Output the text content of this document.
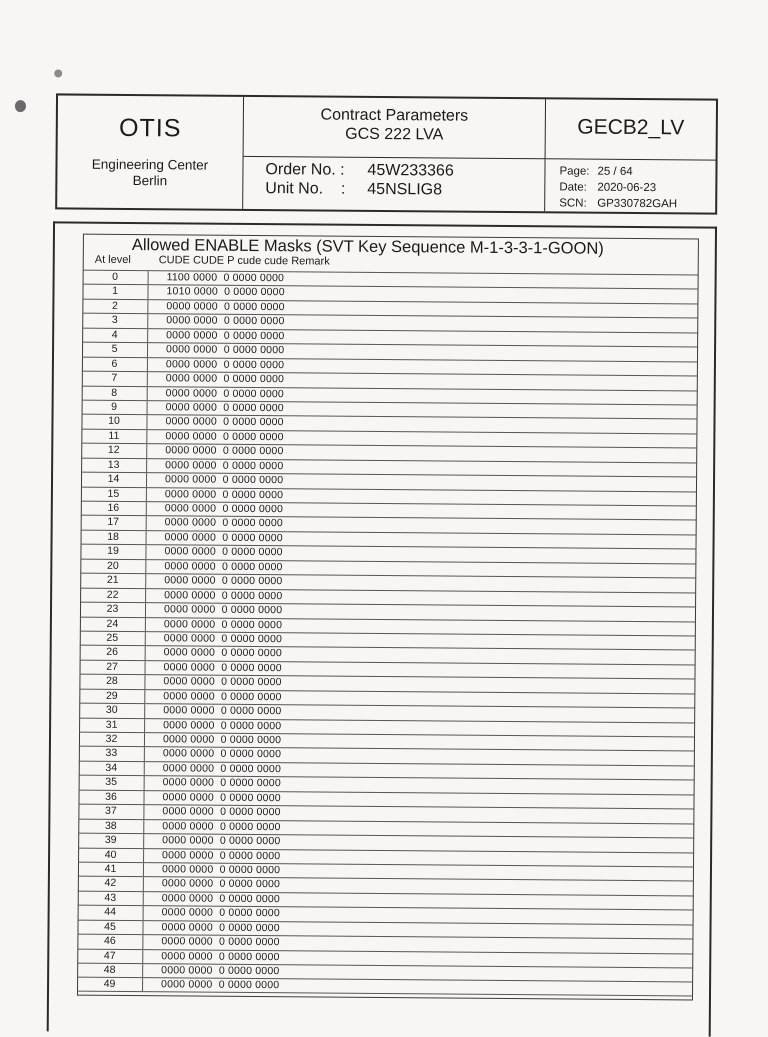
OTIS
Engineering Center
Berlin
Contract Parameters
GCS 222 LVA
Order No. : 45W233366
Unit No.    : 45NSLIG8
GECB2_LV
Page: 25 / 64
Date: 2020-06-23
SCN: GP330782GAH
Allowed ENABLE Masks (SVT Key Sequence M-1-3-3-1-GOON)
At level	CUDE CUDE P cude cude Remark
0	1100 0000  0 0000 0000
1	1010 0000  0 0000 0000
2	0000 0000  0 0000 0000
3	0000 0000  0 0000 0000
4	0000 0000  0 0000 0000
5	0000 0000  0 0000 0000
6	0000 0000  0 0000 0000
7	0000 0000  0 0000 0000
8	0000 0000  0 0000 0000
9	0000 0000  0 0000 0000
10	0000 0000  0 0000 0000
11	0000 0000  0 0000 0000
12	0000 0000  0 0000 0000
13	0000 0000  0 0000 0000
14	0000 0000  0 0000 0000
15	0000 0000  0 0000 0000
16	0000 0000  0 0000 0000
17	0000 0000  0 0000 0000
18	0000 0000  0 0000 0000
19	0000 0000  0 0000 0000
20	0000 0000  0 0000 0000
21	0000 0000  0 0000 0000
22	0000 0000  0 0000 0000
23	0000 0000  0 0000 0000
24	0000 0000  0 0000 0000
25	0000 0000  0 0000 0000
26	0000 0000  0 0000 0000
27	0000 0000  0 0000 0000
28	0000 0000  0 0000 0000
29	0000 0000  0 0000 0000
30	0000 0000  0 0000 0000
31	0000 0000  0 0000 0000
32	0000 0000  0 0000 0000
33	0000 0000  0 0000 0000
34	0000 0000  0 0000 0000
35	0000 0000  0 0000 0000
36	0000 0000  0 0000 0000
37	0000 0000  0 0000 0000
38	0000 0000  0 0000 0000
39	0000 0000  0 0000 0000
40	0000 0000  0 0000 0000
41	0000 0000  0 0000 0000
42	0000 0000  0 0000 0000
43	0000 0000  0 0000 0000
44	0000 0000  0 0000 0000
45	0000 0000  0 0000 0000
46	0000 0000  0 0000 0000
47	0000 0000  0 0000 0000
48	0000 0000  0 0000 0000
49	0000 0000  0 0000 0000
